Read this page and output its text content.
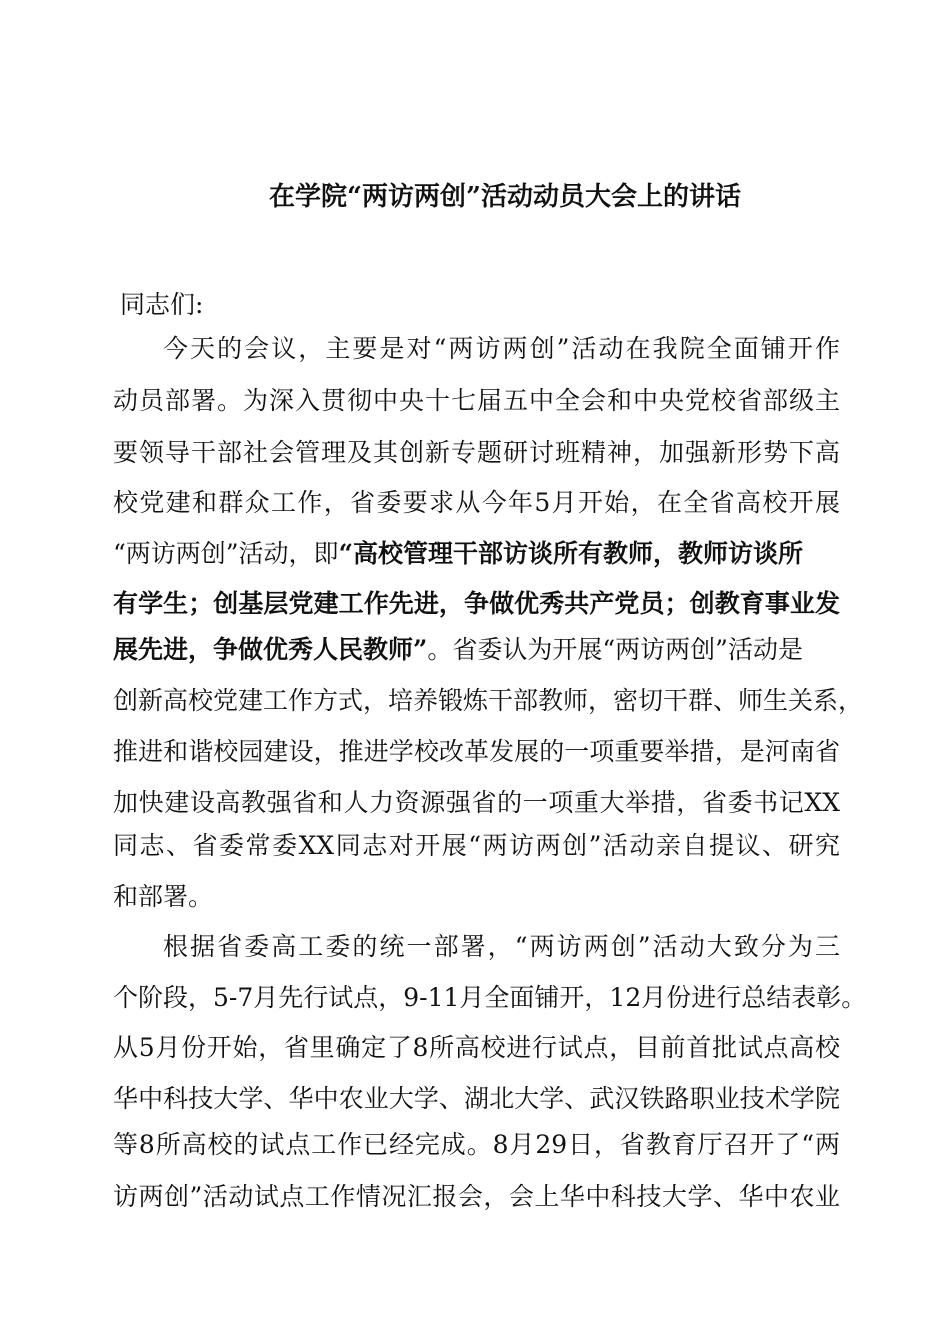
在学院“两访两创”活动动员大会上的讲话
同志们:
今天的会议，主要是对“两访两创”活动在我院全面铺开作
动员部署。为深入贯彻中央十七届五中全会和中央党校省部级主
要领导干部社会管理及其创新专题研讨班精神，加强新形势下高
校党建和群众工作，省委要求从今年5月开始，在全省高校开展
“两访两创”活动，即“高校管理干部访谈所有教师，教师访谈所
有学生；创基层党建工作先进，争做优秀共产党员；创教育事业发
展先进，争做优秀人民教师”。省委认为开展“两访两创”活动是
创新高校党建工作方式，培养锻炼干部教师，密切干群、师生关系，
推进和谐校园建设，推进学校改革发展的一项重要举措，是河南省
加快建设高教强省和人力资源强省的一项重大举措，省委书记XX
同志、省委常委XX同志对开展“两访两创”活动亲自提议、研究
和部署。
根据省委高工委的统一部署，“两访两创”活动大致分为三
个阶段，5-7月先行试点，9-11月全面铺开，12月份进行总结表彰。
从5月份开始，省里确定了8所高校进行试点，目前首批试点高校
华中科技大学、华中农业大学、湖北大学、武汉铁路职业技术学院
等8所高校的试点工作已经完成。8月29日，省教育厅召开了“两
访两创”活动试点工作情况汇报会，会上华中科技大学、华中农业
